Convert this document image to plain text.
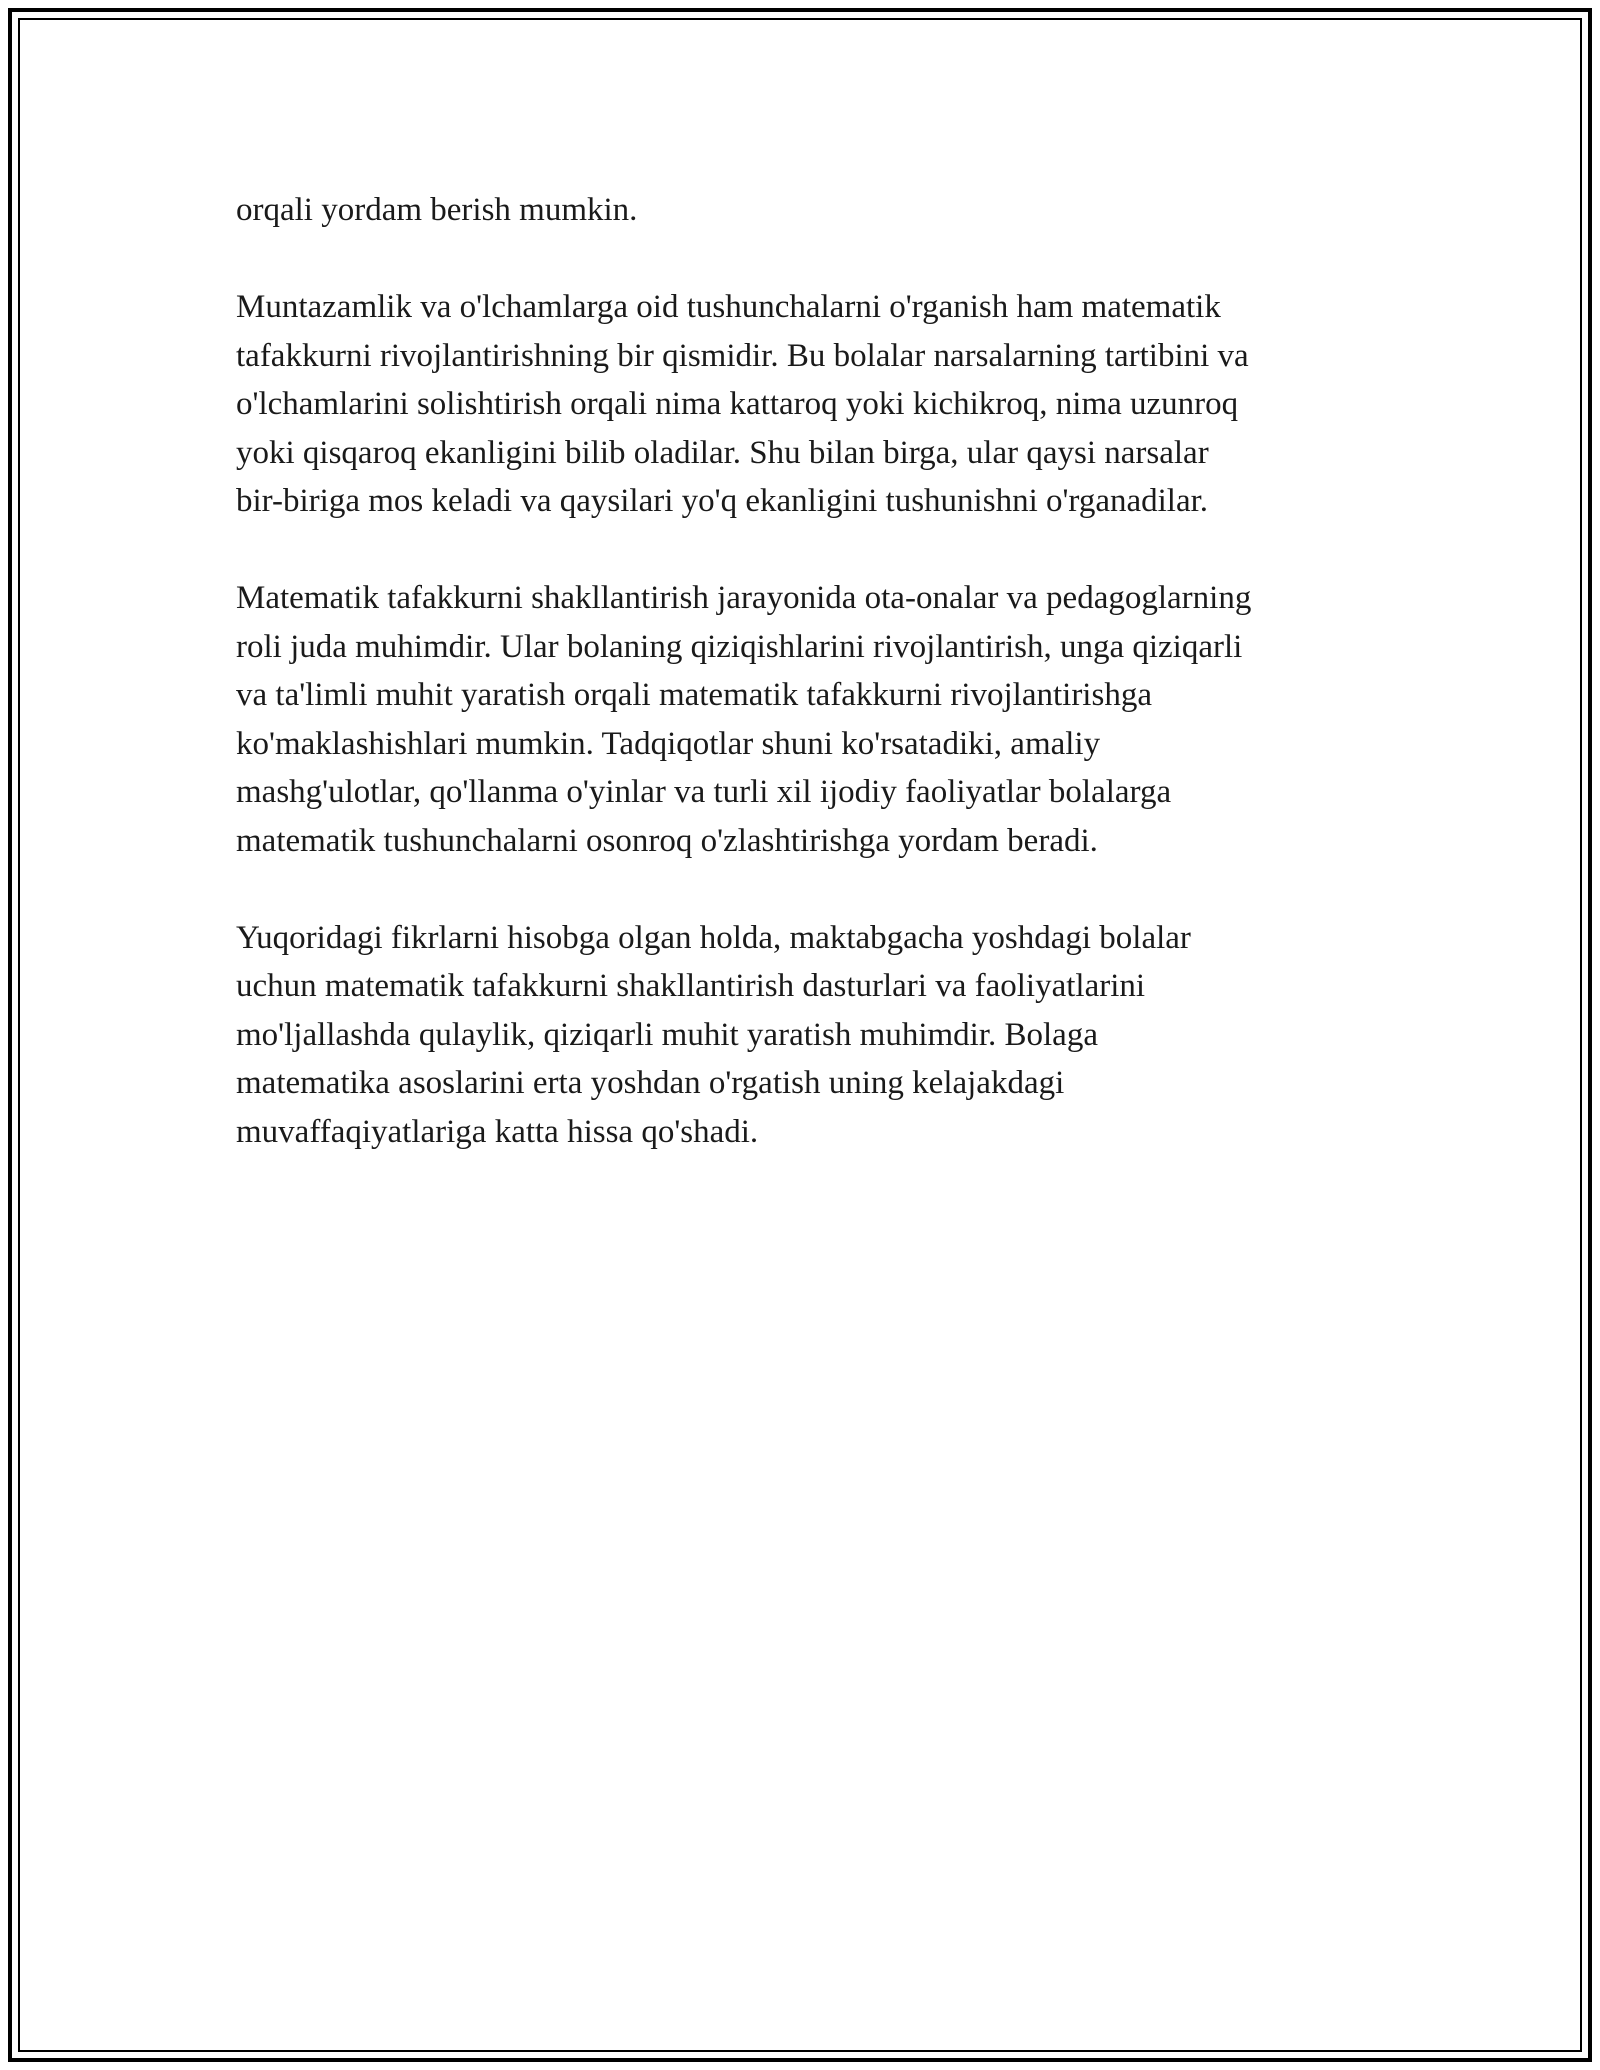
orqali yordam berish mumkin.

Muntazamlik va o'lchamlarga oid tushunchalarni o'rganish ham matematik
tafakkurni rivojlantirishning bir qismidir. Bu bolalar narsalarning tartibini va
o'lchamlarini solishtirish orqali nima kattaroq yoki kichikroq, nima uzunroq
yoki qisqaroq ekanligini bilib oladilar. Shu bilan birga, ular qaysi narsalar
bir-biriga mos keladi va qaysilari yo'q ekanligini tushunishni o'rganadilar.

Matematik tafakkurni shakllantirish jarayonida ota-onalar va pedagoglarning
roli juda muhimdir. Ular bolaning qiziqishlarini rivojlantirish, unga qiziqarli
va ta'limli muhit yaratish orqali matematik tafakkurni rivojlantirishga
ko'maklashishlari mumkin. Tadqiqotlar shuni ko'rsatadiki, amaliy
mashg'ulotlar, qo'llanma o'yinlar va turli xil ijodiy faoliyatlar bolalarga
matematik tushunchalarni osonroq o'zlashtirishga yordam beradi.

Yuqoridagi fikrlarni hisobga olgan holda, maktabgacha yoshdagi bolalar
uchun matematik tafakkurni shakllantirish dasturlari va faoliyatlarini
mo'ljallashda qulaylik, qiziqarli muhit yaratish muhimdir. Bolaga
matematika asoslarini erta yoshdan o'rgatish uning kelajakdagi
muvaffaqiyatlariga katta hissa qo'shadi.
